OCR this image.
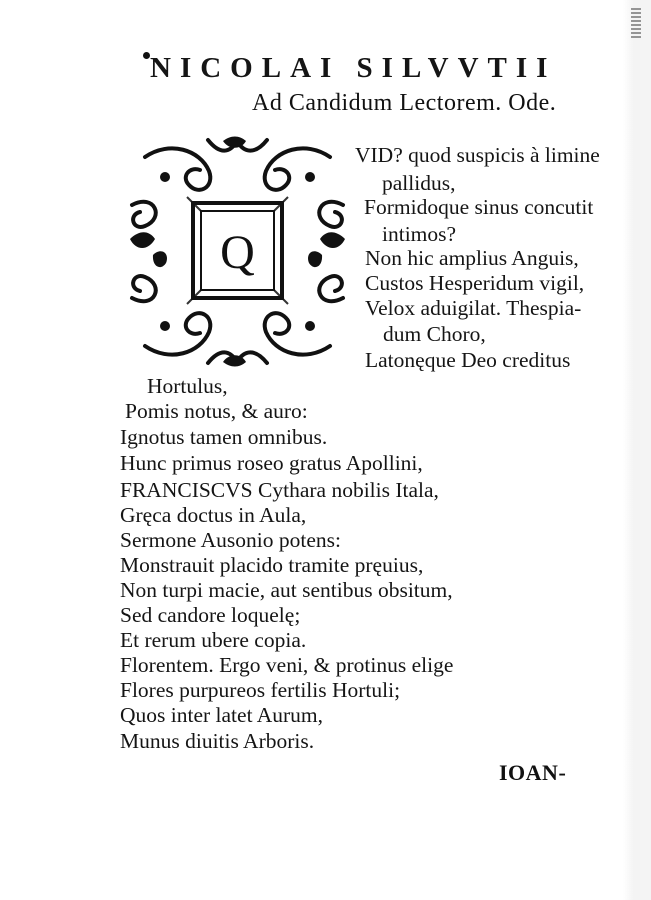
NICOLAI SILVVTII
Ad Candidum Lectorem. Ode.
Q
VID? quod suspicis à limine
pallidus,
Formidoque sinus concutit
intimos?
Non hic amplius Anguis,
Custos Hesperidum vigil,
Velox aduigilat. Thespia-
dum Choro,
Latonęque Deo creditus
Hortulus,
Pomis notus, & auro:
Ignotus tamen omnibus.
Hunc primus roseo gratus Apollini,
FRANCISCVS Cythara nobilis Itala,
Gręca doctus in Aula,
Sermone Ausonio potens:
Monstrauit placido tramite pręuius,
Non turpi macie, aut sentibus obsitum,
Sed candore loquelę;
Et rerum ubere copia.
Florentem. Ergo veni, & protinus elige
Flores purpureos fertilis Hortuli;
Quos inter latet Aurum,
Munus diuitis Arboris.
IOAN-
